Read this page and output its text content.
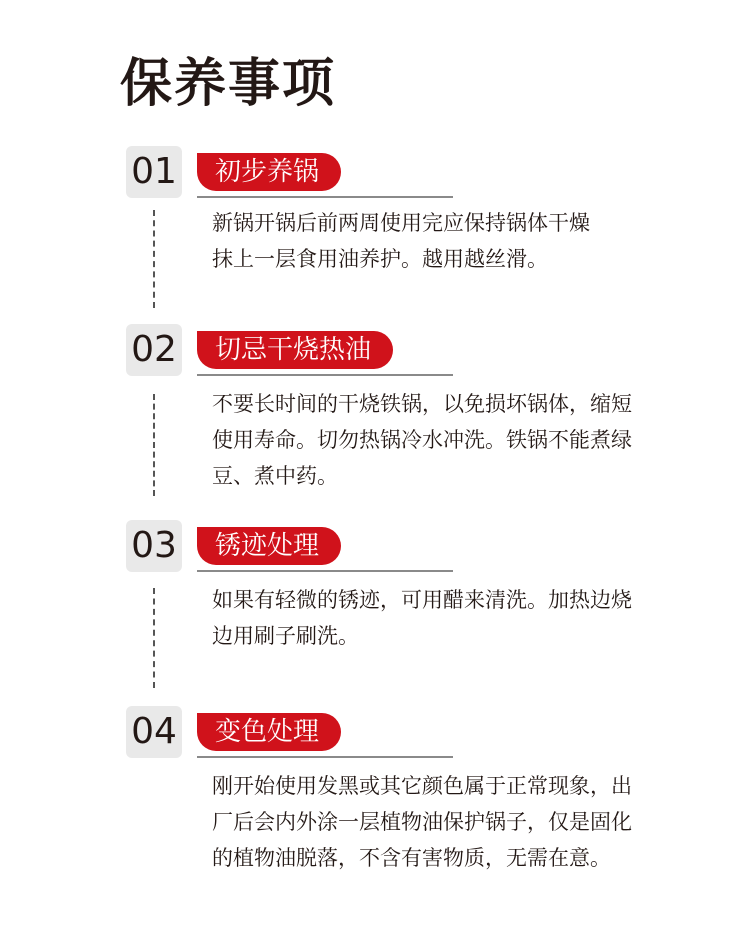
保养事项
01	初步养锅
新锅开锅后前两周使用完应保持锅体干燥
抹上一层食用油养护。越用越丝滑。
02	切忌干烧热油
不要长时间的干烧铁锅，以免损坏锅体，缩短
使用寿命。切勿热锅冷水冲洗。铁锅不能煮绿
豆、煮中药。
03	锈迹处理
如果有轻微的锈迹，可用醋来清洗。加热边烧
边用刷子刷洗。
04	变色处理
刚开始使用发黑或其它颜色属于正常现象，出
厂后会内外涂一层植物油保护锅子，仅是固化
的植物油脱落，不含有害物质，无需在意。
